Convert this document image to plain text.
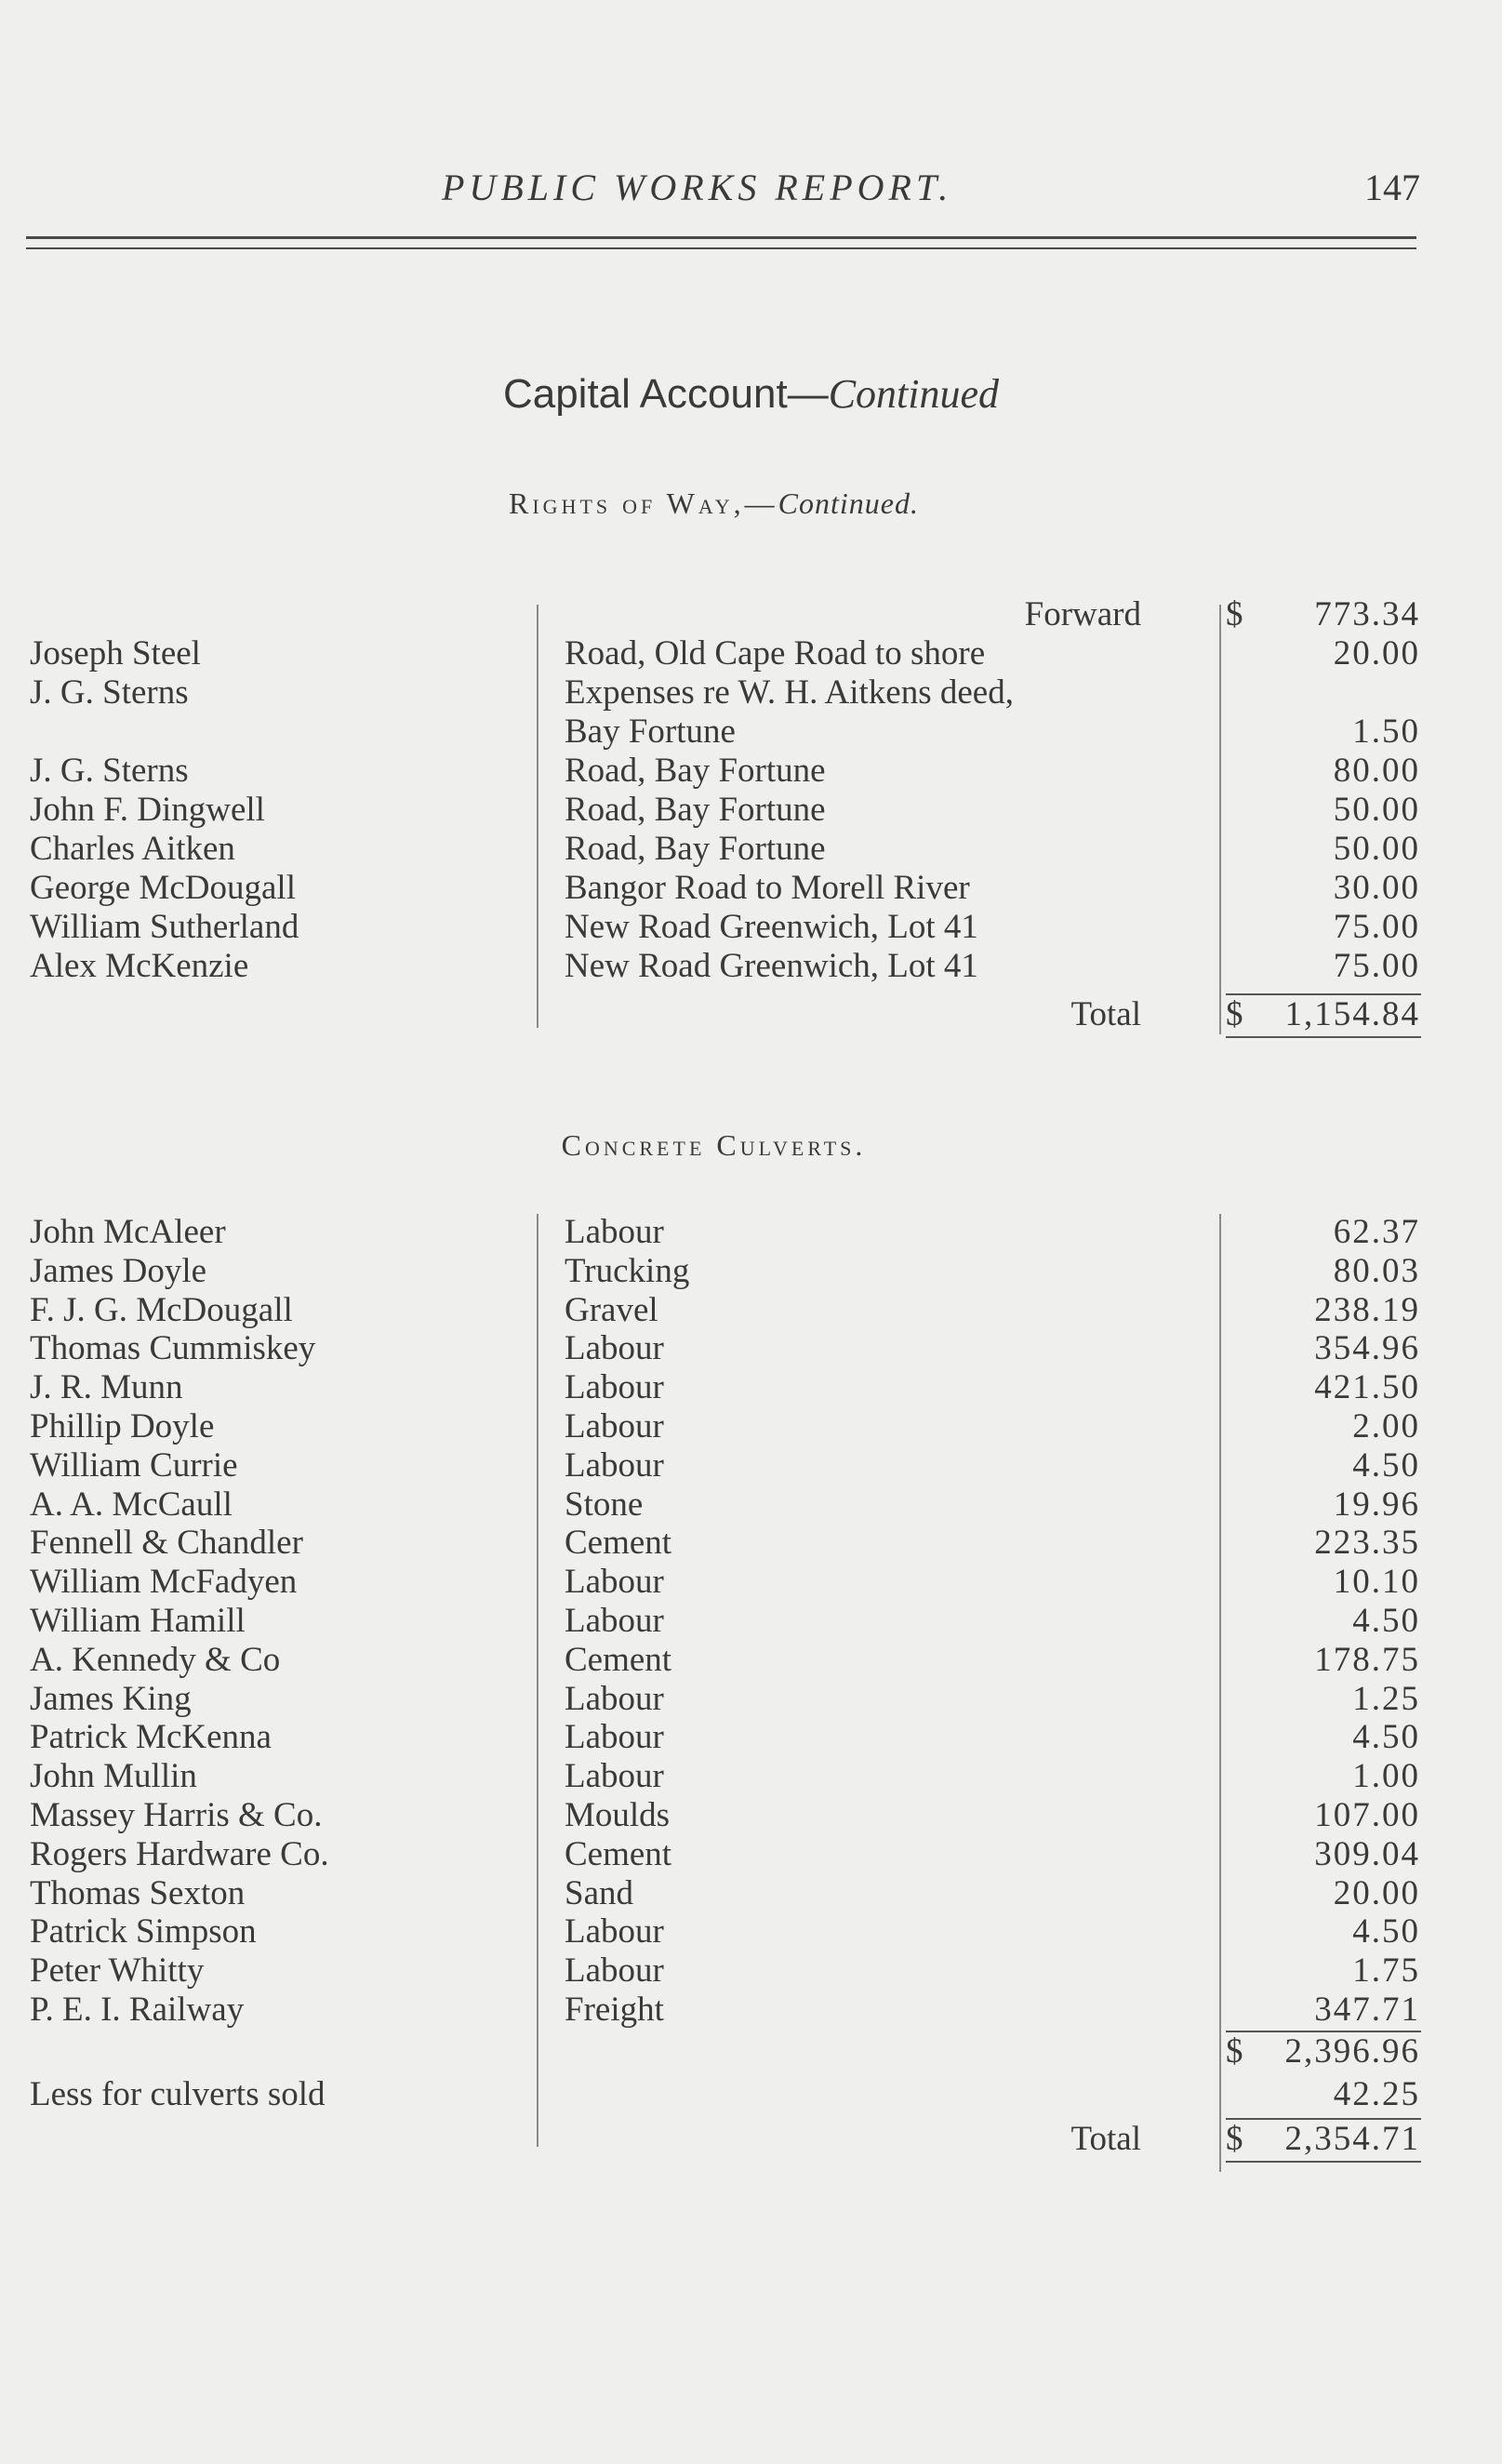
PUBLIC WORKS REPORT.	147
Capital Account—Continued
Rights of Way,—Continued.
Forward $ 773.34
Joseph Steel	Road, Old Cape Road to shore	20.00
J. G. Sterns	Expenses re W. H. Aitkens deed,
Bay Fortune	1.50
J. G. Sterns	Road, Bay Fortune	80.00
John F. Dingwell	Road, Bay Fortune	50.00
Charles Aitken	Road, Bay Fortune	50.00
George McDougall	Bangor Road to Morell River	30.00
William Sutherland	New Road Greenwich, Lot 41	75.00
Alex McKenzie	New Road Greenwich, Lot 41	75.00
Total $ 1,154.84
Concrete Culverts.
John McAleer	Labour	62.37
James Doyle	Trucking	80.03
F. J. G. McDougall	Gravel	238.19
Thomas Cummiskey	Labour	354.96
J. R. Munn	Labour	421.50
Phillip Doyle	Labour	2.00
William Currie	Labour	4.50
A. A. McCaull	Stone	19.96
Fennell & Chandler	Cement	223.35
William McFadyen	Labour	10.10
William Hamill	Labour	4.50
A. Kennedy & Co	Cement	178.75
James King	Labour	1.25
Patrick McKenna	Labour	4.50
John Mullin	Labour	1.00
Massey Harris & Co.	Moulds	107.00
Rogers Hardware Co.	Cement	309.04
Thomas Sexton	Sand	20.00
Patrick Simpson	Labour	4.50
Peter Whitty	Labour	1.75
P. E. I. Railway	Freight	347.71
$ 2,396.96
Less for culverts sold	42.25
Total $ 2,354.71
